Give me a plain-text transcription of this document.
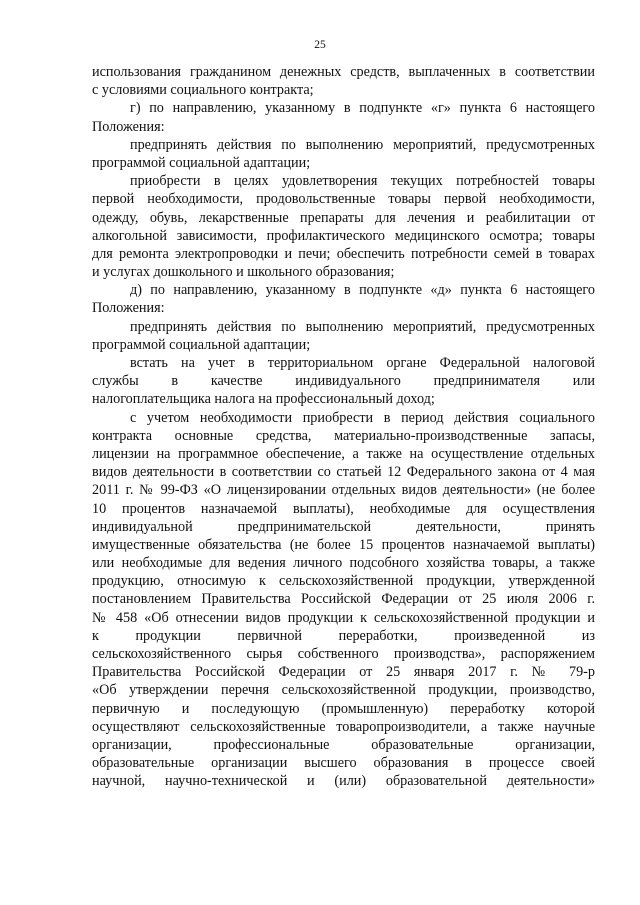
25
использования гражданином денежных средств, выплаченных в соответствии
с условиями социального контракта;
г) по направлению, указанному в подпункте «г» пункта 6 настоящего
Положения:
предпринять действия по выполнению мероприятий, предусмотренных
программой социальной адаптации;
приобрести в целях удовлетворения текущих потребностей товары
первой необходимости, продовольственные товары первой необходимости,
одежду, обувь, лекарственные препараты для лечения и реабилитации от
алкогольной зависимости, профилактического медицинского осмотра; товары
для ремонта электропроводки и печи; обеспечить потребности семей в товарах
и услугах дошкольного и школьного образования;
д) по направлению, указанному в подпункте «д» пункта 6 настоящего
Положения:
предпринять действия по выполнению мероприятий, предусмотренных
программой социальной адаптации;
встать на учет в территориальном органе Федеральной налоговой
службы в качестве индивидуального предпринимателя или
налогоплательщика налога на профессиональный доход;
с учетом необходимости приобрести в период действия социального
контракта основные средства, материально-производственные запасы,
лицензии на программное обеспечение, а также на осуществление отдельных
видов деятельности в соответствии со статьей 12 Федерального закона от 4 мая
2011 г. № 99-ФЗ «О лицензировании отдельных видов деятельности» (не более
10 процентов назначаемой выплаты), необходимые для осуществления
индивидуальной предпринимательской деятельности, принять
имущественные обязательства (не более 15 процентов назначаемой выплаты)
или необходимые для ведения личного подсобного хозяйства товары, а также
продукцию, относимую к сельскохозяйственной продукции, утвержденной
постановлением Правительства Российской Федерации от 25 июля 2006 г.
№ 458 «Об отнесении видов продукции к сельскохозяйственной продукции и
к продукции первичной переработки, произведенной из
сельскохозяйственного сырья собственного производства», распоряжением
Правительства Российской Федерации от 25 января 2017 г. № 79-р
«Об утверждении перечня сельскохозяйственной продукции, производство,
первичную и последующую (промышленную) переработку которой
осуществляют сельскохозяйственные товаропроизводители, а также научные
организации, профессиональные образовательные организации,
образовательные организации высшего образования в процессе своей
научной, научно-технической и (или) образовательной деятельности»
